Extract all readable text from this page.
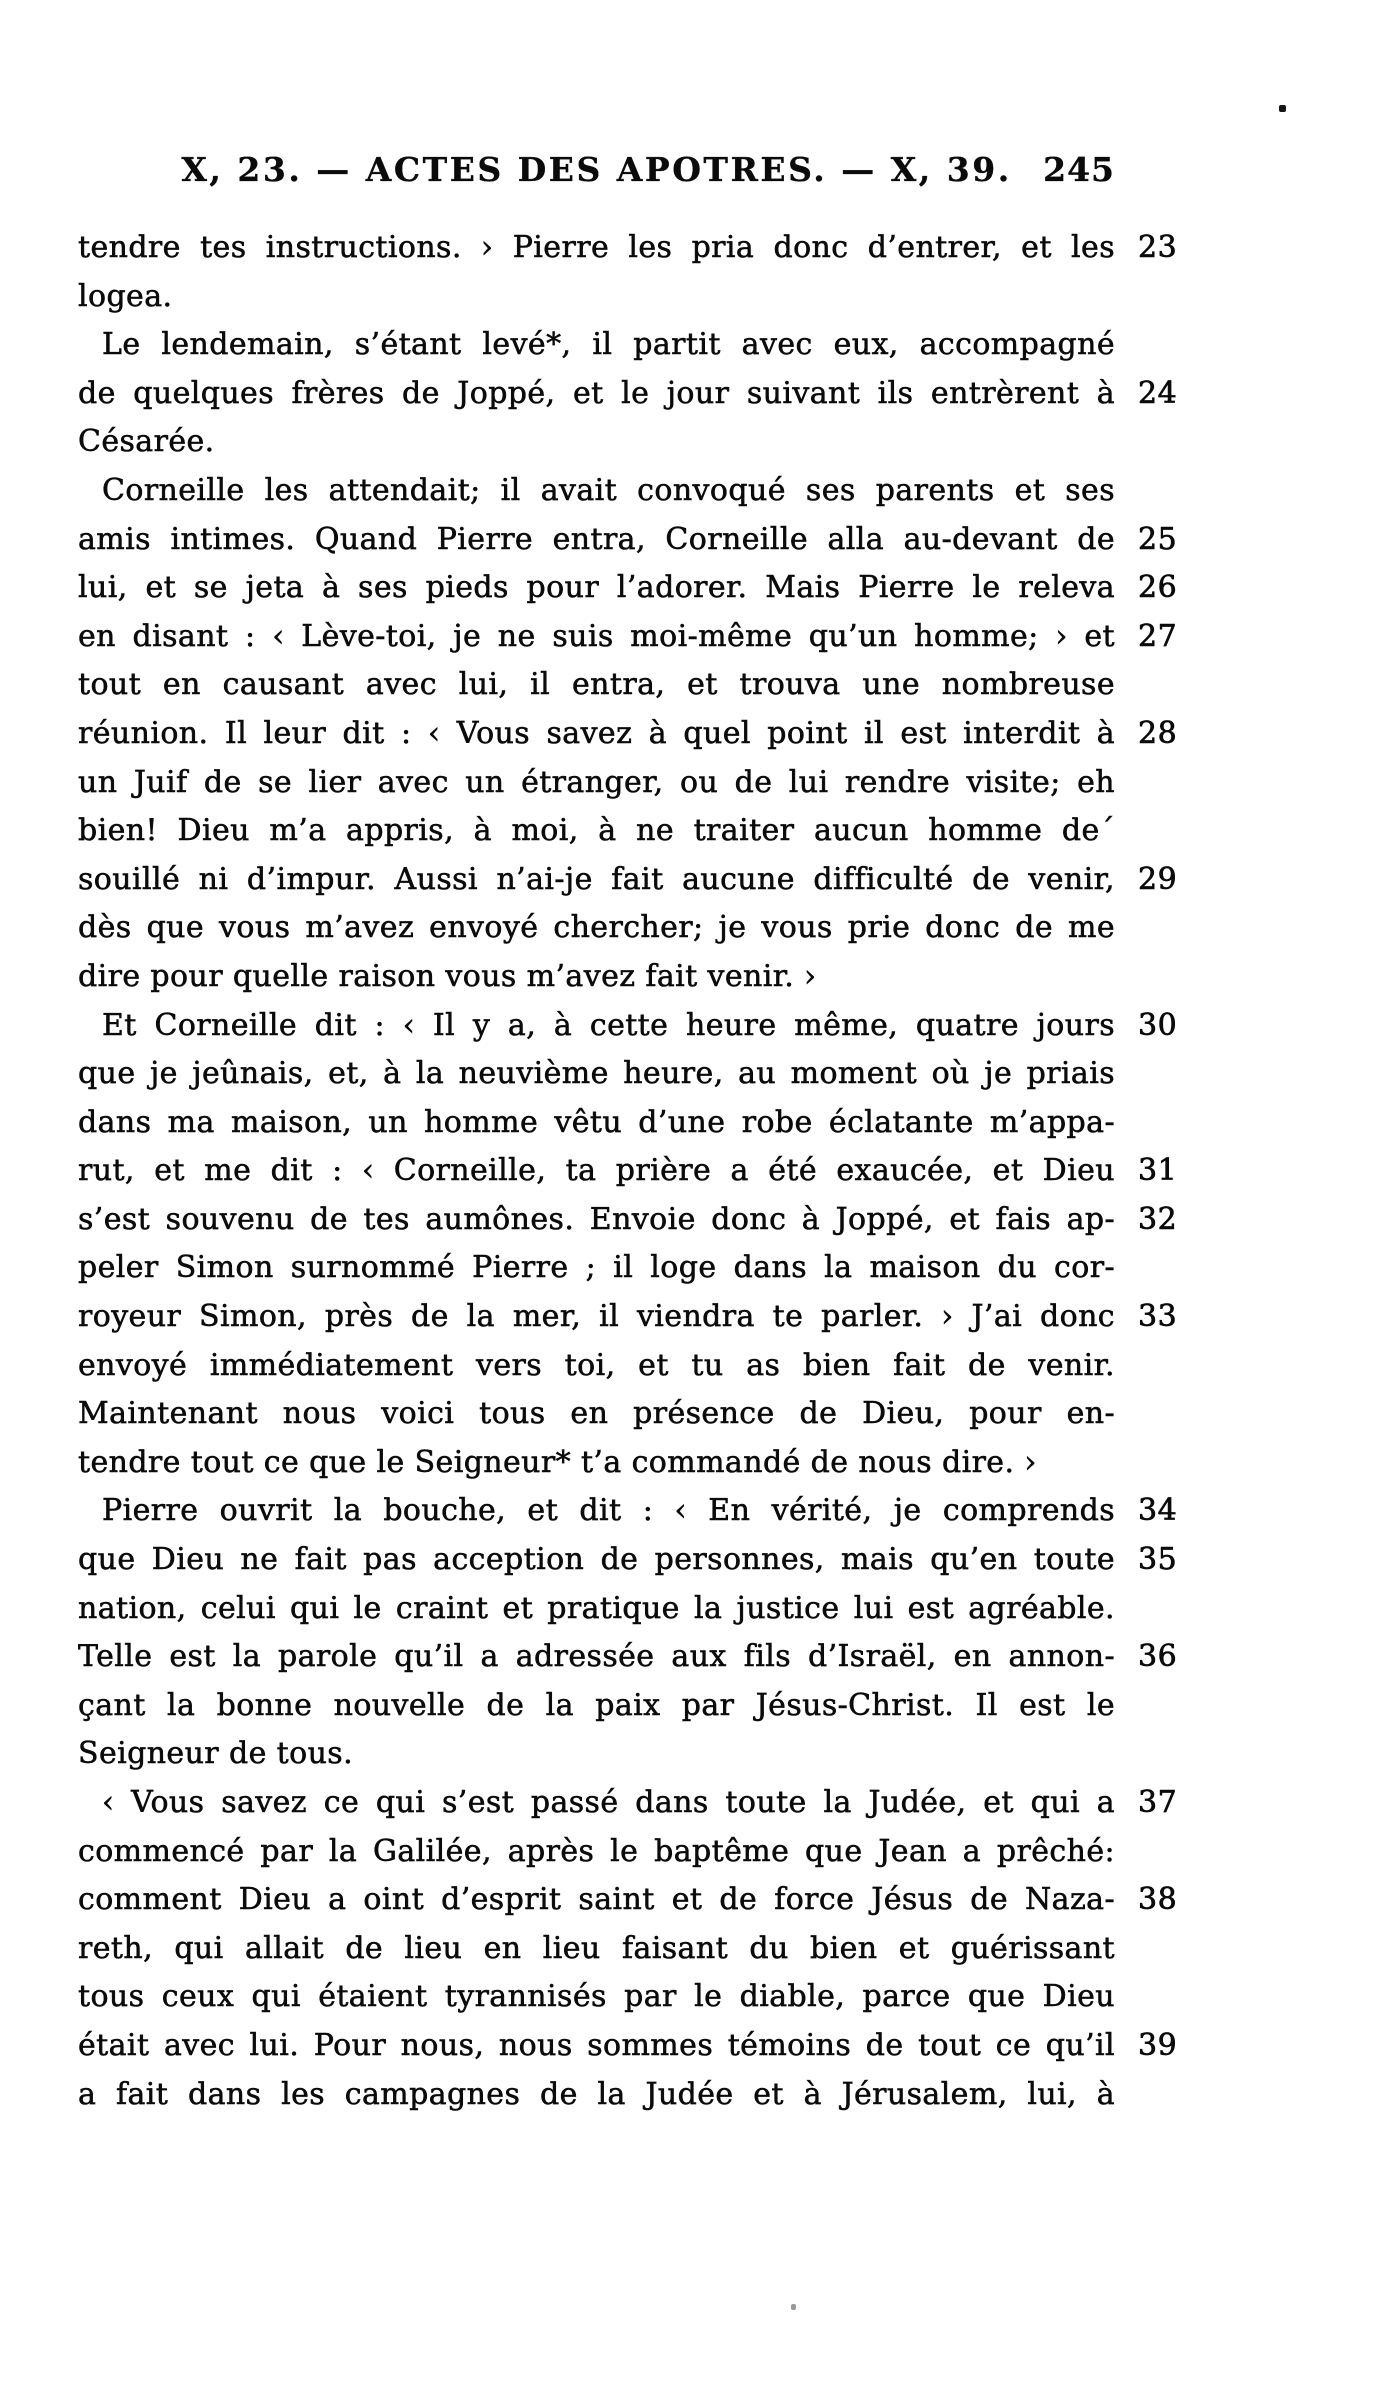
X, 23. — ACTES DES APOTRES. — X, 39. 245
tendre tes instructions. › Pierre les pria donc d’entrer, et les 23
logea.
Le lendemain, s’étant levé*, il partit avec eux, accompagné
de quelques frères de Joppé, et le jour suivant ils entrèrent à 24
Césarée.
Corneille les attendait; il avait convoqué ses parents et ses
amis intimes. Quand Pierre entra, Corneille alla au-devant de 25
lui, et se jeta à ses pieds pour l’adorer. Mais Pierre le releva 26
en disant : ‹ Lève-toi, je ne suis moi-même qu’un homme; › et 27
tout en causant avec lui, il entra, et trouva une nombreuse
réunion. Il leur dit : ‹ Vous savez à quel point il est interdit à 28
un Juif de se lier avec un étranger, ou de lui rendre visite; eh
bien! Dieu m’a appris, à moi, à ne traiter aucun homme de´
souillé ni d’impur. Aussi n’ai-je fait aucune difficulté de venir, 29
dès que vous m’avez envoyé chercher; je vous prie donc de me
dire pour quelle raison vous m’avez fait venir. ›
Et Corneille dit : ‹ Il y a, à cette heure même, quatre jours 30
que je jeûnais, et, à la neuvième heure, au moment où je priais
dans ma maison, un homme vêtu d’une robe éclatante m’appa-
rut, et me dit : ‹ Corneille, ta prière a été exaucée, et Dieu 31
s’est souvenu de tes aumônes. Envoie donc à Joppé, et fais ap- 32
peler Simon surnommé Pierre ; il loge dans la maison du cor-
royeur Simon, près de la mer, il viendra te parler. › J’ai donc 33
envoyé immédiatement vers toi, et tu as bien fait de venir.
Maintenant nous voici tous en présence de Dieu, pour en-
tendre tout ce que le Seigneur* t’a commandé de nous dire. ›
Pierre ouvrit la bouche, et dit : ‹ En vérité, je comprends 34
que Dieu ne fait pas acception de personnes, mais qu’en toute 35
nation, celui qui le craint et pratique la justice lui est agréable.
Telle est la parole qu’il a adressée aux fils d’Israël, en annon- 36
çant la bonne nouvelle de la paix par Jésus-Christ. Il est le
Seigneur de tous.
‹ Vous savez ce qui s’est passé dans toute la Judée, et qui a 37
commencé par la Galilée, après le baptême que Jean a prêché:
comment Dieu a oint d’esprit saint et de force Jésus de Naza- 38
reth, qui allait de lieu en lieu faisant du bien et guérissant
tous ceux qui étaient tyrannisés par le diable, parce que Dieu
était avec lui. Pour nous, nous sommes témoins de tout ce qu’il 39
a fait dans les campagnes de la Judée et à Jérusalem, lui, à
